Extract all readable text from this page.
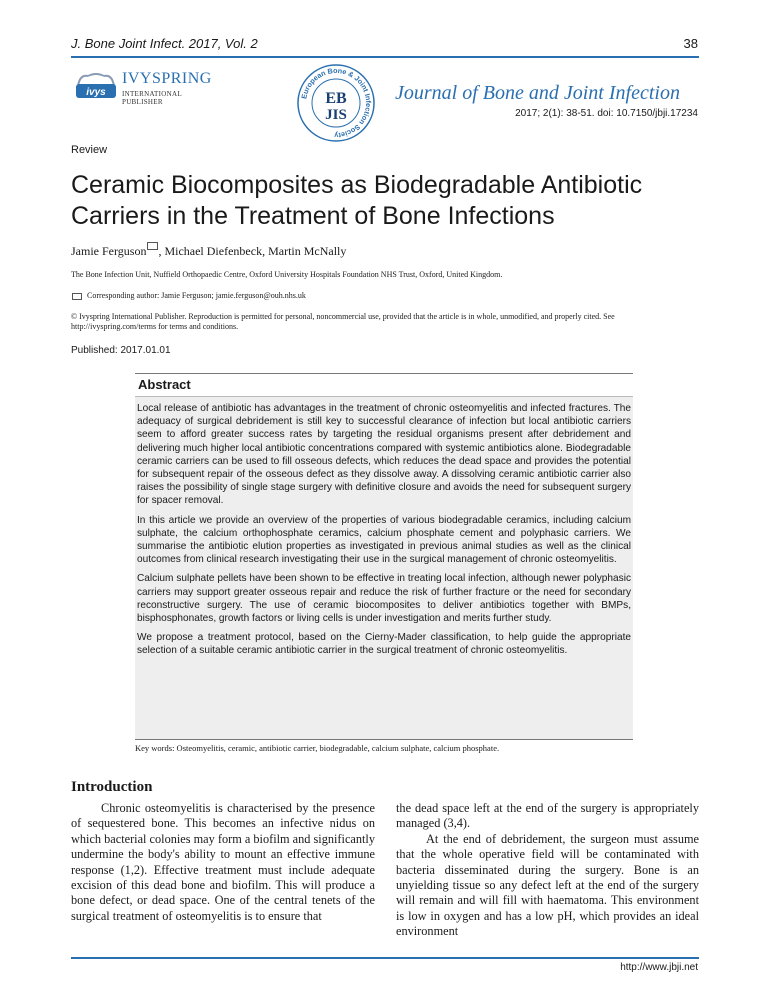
J. Bone Joint Infect. 2017, Vol. 2	38
ivys
IVYSPRING
INTERNATIONAL PUBLISHER
European Bone & Joint Infection Society
EB
JIS
Journal of Bone and Joint Infection
2017; 2(1): 38-51. doi: 10.7150/jbji.17234
Review
Ceramic Biocomposites as Biodegradable Antibiotic Carriers in the Treatment of Bone Infections
Jamie Ferguson , Michael Diefenbeck, Martin McNally
The Bone Infection Unit, Nuffield Orthopaedic Centre, Oxford University Hospitals Foundation NHS Trust, Oxford, United Kingdom.
Corresponding author: Jamie Ferguson; jamie.ferguson@ouh.nhs.uk
© Ivyspring International Publisher. Reproduction is permitted for personal, noncommercial use, provided that the article is in whole, unmodified, and properly cited. See http://ivyspring.com/terms for terms and conditions.
Published: 2017.01.01
Abstract

Local release of antibiotic has advantages in the treatment of chronic osteomyelitis and infected fractures. The adequacy of surgical debridement is still key to successful clearance of infection but local antibiotic carriers seem to afford greater success rates by targeting the residual organisms present after debridement and delivering much higher local antibiotic concentrations compared with systemic antibiotics alone. Biodegradable ceramic carriers can be used to fill osseous defects, which reduces the dead space and provides the potential for subsequent repair of the osseous defect as they dissolve away. A dissolving ceramic antibiotic carrier also raises the possibility of single stage surgery with definitive closure and avoids the need for subsequent surgery for spacer removal.

In this article we provide an overview of the properties of various biodegradable ceramics, including calcium sulphate, the calcium orthophosphate ceramics, calcium phosphate cement and polyphasic carriers. We summarise the antibiotic elution properties as investigated in previous animal studies as well as the clinical outcomes from clinical research investigating their use in the surgical management of chronic osteomyelitis.

Calcium sulphate pellets have been shown to be effective in treating local infection, although newer polyphasic carriers may support greater osseous repair and reduce the risk of further fracture or the need for secondary reconstructive surgery. The use of ceramic biocomposites to deliver antibiotics together with BMPs, bisphosphonates, growth factors or living cells is under investigation and merits further study.

We propose a treatment protocol, based on the Cierny-Mader classification, to help guide the appropriate selection of a suitable ceramic antibiotic carrier in the surgical treatment of chronic osteomyelitis.

Key words: Osteomyelitis, ceramic, antibiotic carrier, biodegradable, calcium sulphate, calcium phosphate.
Introduction

Chronic osteomyelitis is characterised by the presence of sequestered bone. This becomes an infective nidus on which bacterial colonies may form a biofilm and significantly undermine the body's ability to mount an effective immune response (1,2). Effective treatment must include adequate excision of this dead bone and biofilm. This will produce a bone defect, or dead space. One of the central tenets of the surgical treatment of osteomyelitis is to ensure that

the dead space left at the end of the surgery is appropriately managed (3,4).

At the end of debridement, the surgeon must assume that the whole operative field will be contaminated with bacteria disseminated during the surgery. Bone is an unyielding tissue so any defect left at the end of the surgery will remain and will fill with haematoma. This environment is low in oxygen and has a low pH, which provides an ideal environment

http://www.jbji.net
